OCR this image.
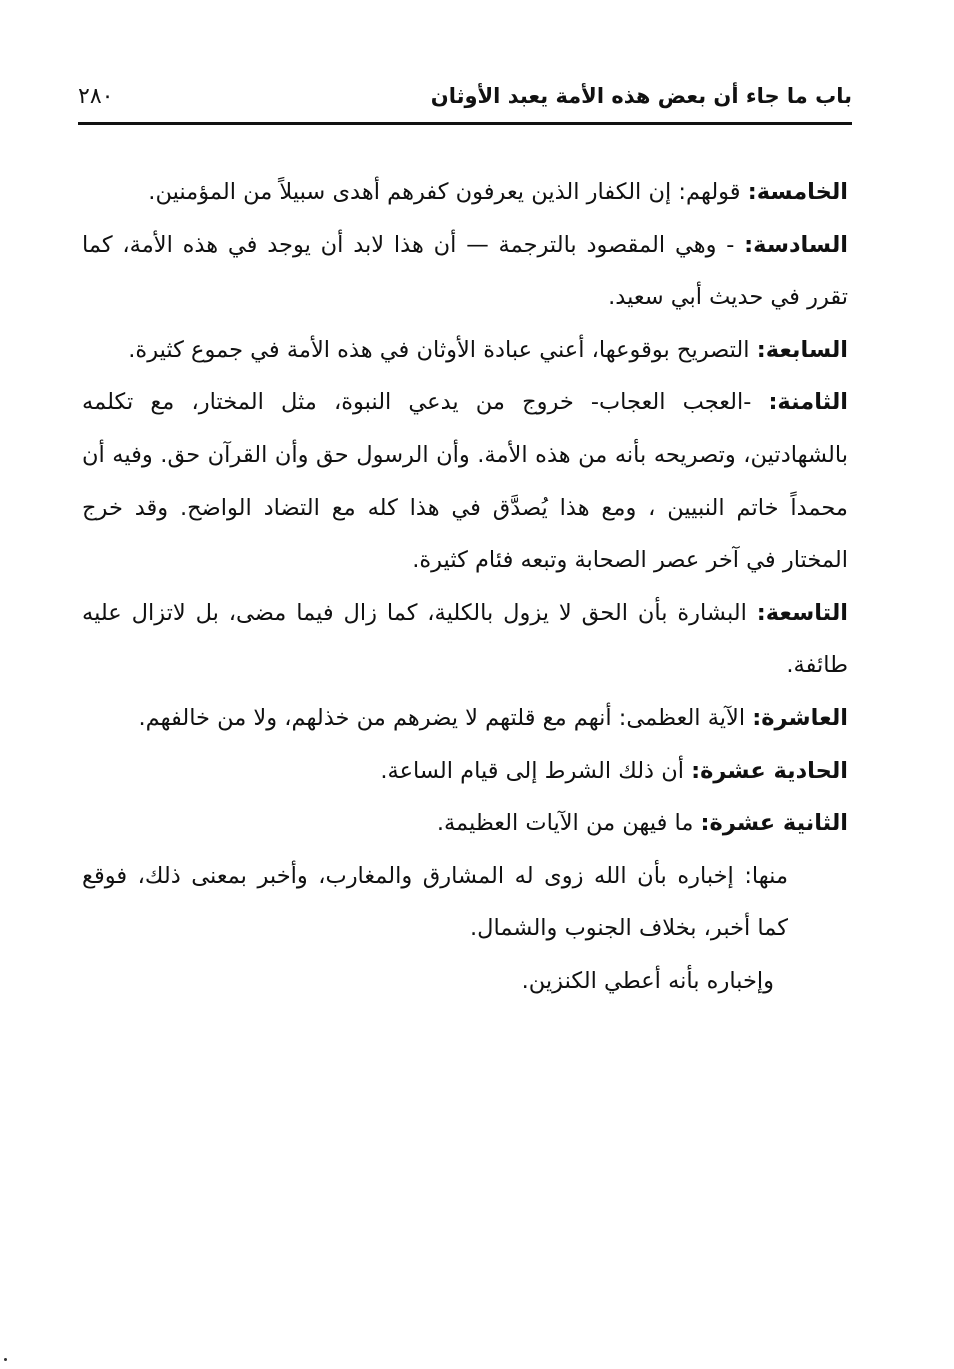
باب ما جاء أن بعض هذه الأمة يعبد الأوثان
٢٨٠

الخامسة: قولهم: إن الكفار الذين يعرفون كفرهم أهدى سبيلاً من المؤمنين.

السادسة: - وهي المقصود بالترجمة — أن هذا لابد أن يوجد في هذه الأمة، كما تقرر في حديث أبي سعيد.

السابعة: التصريح بوقوعها، أعني عبادة الأوثان في هذه الأمة في جموع كثيرة.

الثامنة: -العجب العجاب- خروج من يدعي النبوة، مثل المختار، مع تكلمه بالشهادتين، وتصريحه بأنه من هذه الأمة. وأن الرسول حق وأن القرآن حق. وفيه أن محمداً خاتم النبيين ، ومع هذا يُصدَّق في هذا كله مع التضاد الواضح. وقد خرج المختار في آخر عصر الصحابة وتبعه فئام كثيرة.

التاسعة: البشارة بأن الحق لا يزول بالكلية، كما زال فيما مضى، بل لاتزال عليه طائفة.

العاشرة: الآية العظمى: أنهم مع قلتهم لا يضرهم من خذلهم، ولا من خالفهم.

الحادية عشرة: أن ذلك الشرط إلى قيام الساعة.

الثانية عشرة: ما فيهن من الآيات العظيمة.

منها: إخباره بأن الله زوى له المشارق والمغارب، وأخبر بمعنى ذلك، فوقع كما أخبر، بخلاف الجنوب والشمال.

وإخباره بأنه أعطي الكنزين.
